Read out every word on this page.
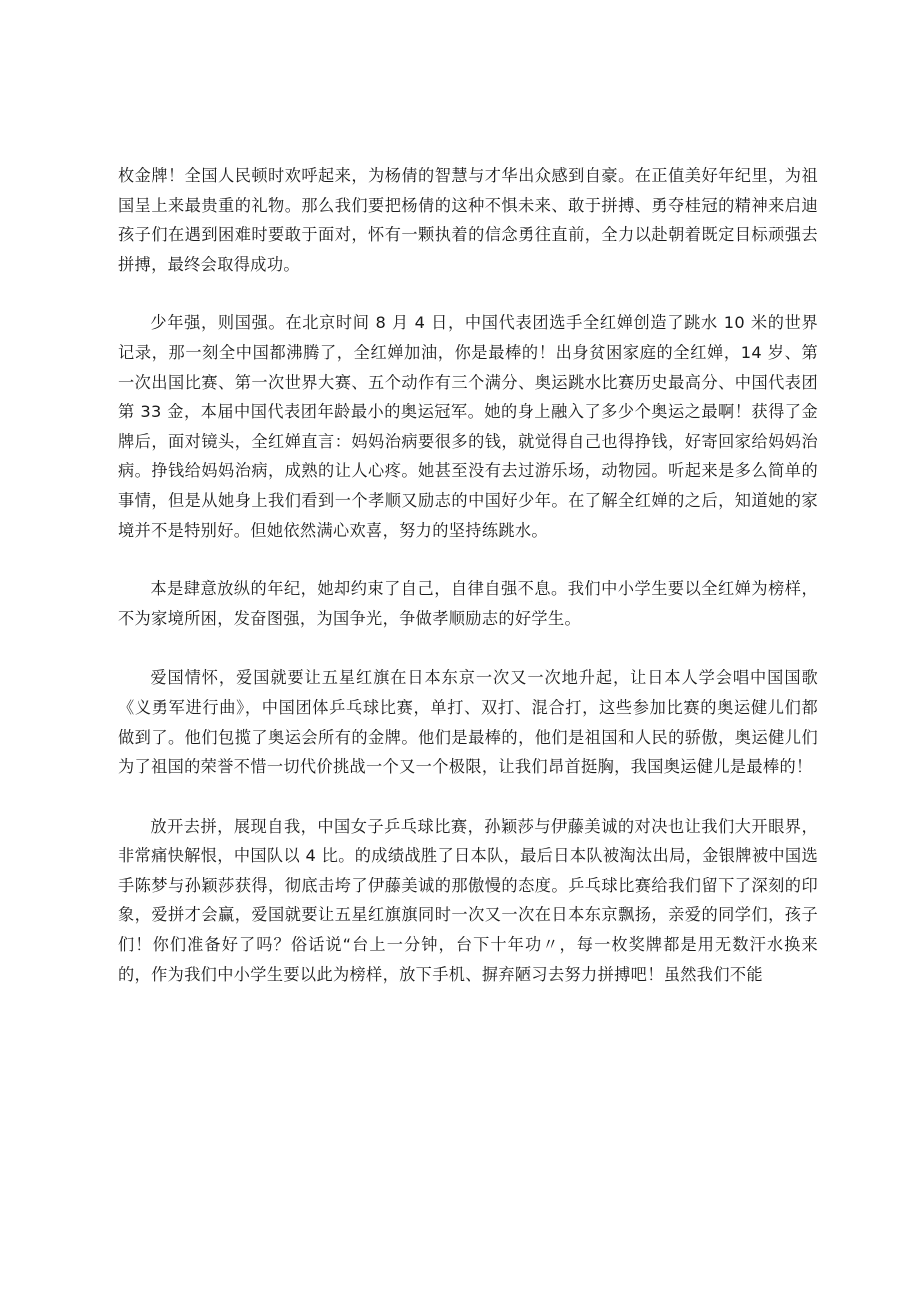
枚金牌！全国人民顿时欢呼起来，为杨倩的智慧与才华出众感到自豪。在正值美好年纪里，为祖国呈上来最贵重的礼物。那么我们要把杨倩的这种不惧未来、敢于拼搏、勇夺桂冠的精神来启迪孩子们在遇到困难时要敢于面对，怀有一颗执着的信念勇往直前，全力以赴朝着既定目标顽强去拼搏，最终会取得成功。

少年强，则国强。在北京时间 8 月 4 日，中国代表团选手全红婵创造了跳水 10 米的世界记录，那一刻全中国都沸腾了，全红婵加油，你是最棒的！出身贫困家庭的全红婵，14 岁、第一次出国比赛、第一次世界大赛、五个动作有三个满分、奥运跳水比赛历史最高分、中国代表团第 33 金，本届中国代表团年龄最小的奥运冠军。她的身上融入了多少个奥运之最啊！获得了金牌后，面对镜头，全红婵直言：妈妈治病要很多的钱，就觉得自己也得挣钱，好寄回家给妈妈治病。挣钱给妈妈治病，成熟的让人心疼。她甚至没有去过游乐场，动物园。听起来是多么简单的事情，但是从她身上我们看到一个孝顺又励志的中国好少年。在了解全红婵的之后，知道她的家境并不是特别好。但她依然满心欢喜，努力的坚持练跳水。

本是肆意放纵的年纪，她却约束了自己，自律自强不息。我们中小学生要以全红婵为榜样，不为家境所困，发奋图强，为国争光，争做孝顺励志的好学生。

爱国情怀，爱国就要让五星红旗在日本东京一次又一次地升起，让日本人学会唱中国国歌《义勇军进行曲》，中国团体乒乓球比赛，单打、双打、混合打，这些参加比赛的奥运健儿们都做到了。他们包揽了奥运会所有的金牌。他们是最棒的，他们是祖国和人民的骄傲，奥运健儿们为了祖国的荣誉不惜一切代价挑战一个又一个极限，让我们昂首挺胸，我国奥运健儿是最棒的！

放开去拼，展现自我，中国女子乒乓球比赛，孙颖莎与伊藤美诚的对决也让我们大开眼界，非常痛快解恨，中国队以 4 比。的成绩战胜了日本队，最后日本队被淘汰出局，金银牌被中国选手陈梦与孙颖莎获得，彻底击垮了伊藤美诚的那傲慢的态度。乒乓球比赛给我们留下了深刻的印象，爱拼才会赢，爱国就要让五星红旗旗同时一次又一次在日本东京飘扬，亲爱的同学们，孩子们！你们准备好了吗？俗话说“台上一分钟，台下十年功〃，每一枚奖牌都是用无数汗水换来的，作为我们中小学生要以此为榜样，放下手机、摒弃陋习去努力拼搏吧！虽然我们不能
